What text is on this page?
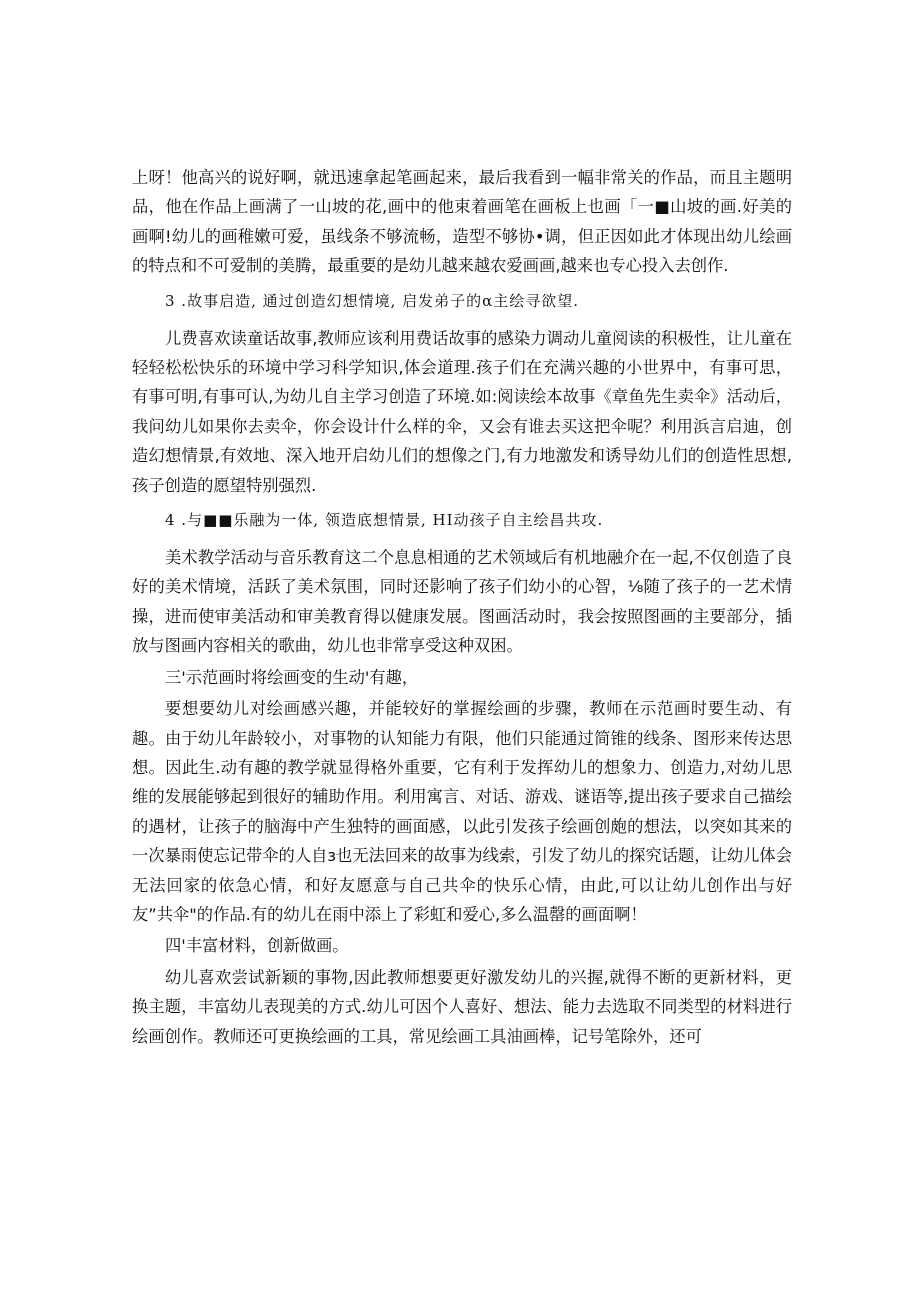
上呀！他高兴的说好啊，就迅速拿起笔画起来，最后我看到一幅非常关的作品，而且主题明品，他在作品上画满了一山坡的花,画中的他束着画笔在画板上也画「一■山坡的画.好美的画啊!幼儿的画稚嫩可爱，虽线条不够流畅，造型不够协•调，但正因如此才体现出幼儿绘画的特点和不可爱制的美腾，最重要的是幼儿越来越农爱画画,越来也专心投入去创作.

3 .故事启造, 通过创造幻想情境, 启发弟子的α主绘寻欲望.

儿费喜欢读童话故事,教师应该利用费话故事的感染力调动儿童阅读的积极性，让儿童在轻轻松松快乐的环境中学习科学知识,体会道理.孩子们在充满兴趣的小世界中，有事可思，有事可明,有事可认,为幼儿自主学习创造了环境.如:阅读绘本故事《章鱼先生卖伞》活动后，我问幼儿如果你去卖伞，你会设计什么样的伞，又会有谁去买这把伞呢？利用浜言启迪，创造幻想情景,有效地、深入地开启幼儿们的想像之门,有力地激发和诱导幼儿们的创造性思想,孩子创造的愿望特别强烈.

4 .与■■乐融为一体, 领造底想情景, HI动孩子自主绘昌共攻.

美术教学活动与音乐教育这二个息息相通的艺术领域后有机地融介在一起,不仅创造了良好的美术情境，活跃了美术氛围，同时还影响了孩子们幼小的心智，⅛随了孩子的一艺术情操，进而使审美活动和审美教育得以健康发展。图画活动时，我会按照图画的主要部分，插放与图画内容相关的歌曲，幼儿也非常享受这种双困。

三'示范画时将绘画变的生动'有趣，

要想要幼儿对绘画感兴趣，并能较好的掌握绘画的步骤，教师在示范画时要生动、有趣。由于幼儿年龄较小，对事物的认知能力有限，他们只能通过简锥的线条、图形来传达思想。因此生.动有趣的教学就显得格外重要，它有利于发挥幼儿的想象力、创造力,对幼儿思维的发展能够起到很好的辅助作用。利用寓言、对话、游戏、谜语等,提出孩子要求自己描绘的遇材，让孩子的脑海中产生独特的画面感，以此引发孩子绘画创皰的想法，以突如其来的一次暴雨使忘记带伞的人自з也无法回来的故事为线索，引发了幼儿的探究话题，让幼儿体会无法回家的依急心情，和好友愿意与自己共伞的快乐心情，由此,可以让幼儿创作出与好友”共伞"的作品.有的幼儿在雨中添上了彩虹和爱心,多么温罄的画面啊！

四'丰富材料，创新做画。

幼儿喜欢尝试新颖的事物,因此教师想要更好激发幼儿的兴握,就得不断的更新材料，更换主题，丰富幼儿表现美的方式.幼儿可因个人喜好、想法、能力去选取不同类型的材料进行绘画创作。教师还可更换绘画的工具，常见绘画工具油画棒，记号笔除外，还可
